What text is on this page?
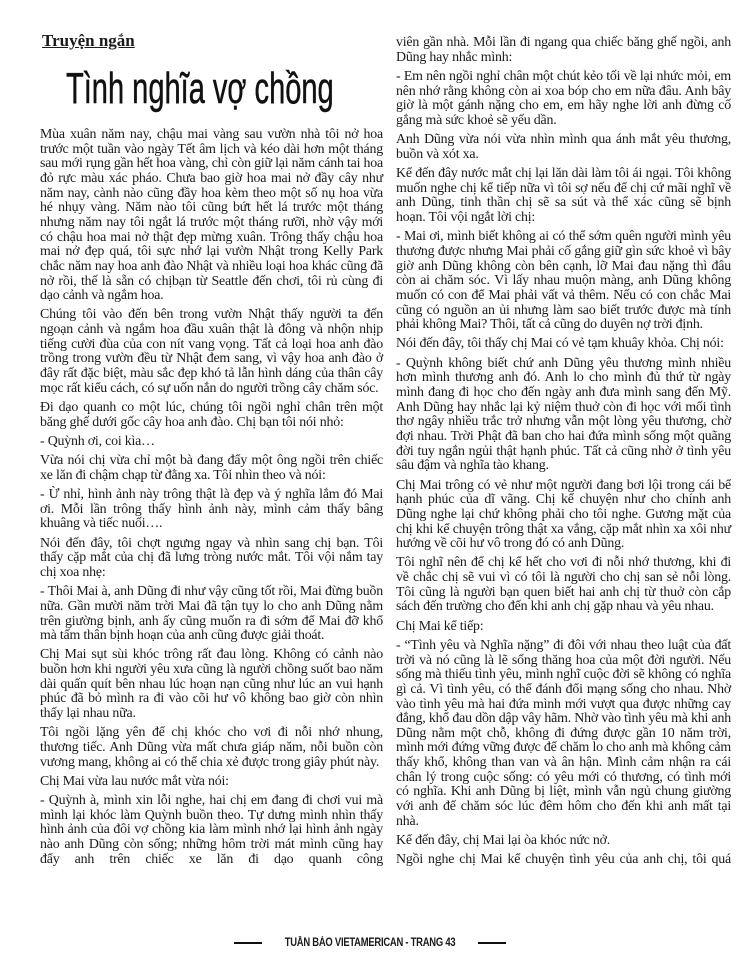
Truyện ngắn
Tình nghĩa vợ chồng

Mùa xuân năm nay, chậu mai vàng sau vườn nhà tôi nở hoa trước một tuần vào ngày Tết âm lịch và kéo dài hơn một tháng sau mới rụng gần hết hoa vàng, chỉ còn giữ lại năm cánh tai hoa đỏ rực màu xác pháo. Chưa bao giờ hoa mai nở đầy cây như năm nay, cành nào cũng đầy hoa kèm theo một số nụ hoa vừa hé nhụy vàng. Năm nào tôi cũng bứt hết lá trước một tháng nhưng năm nay tôi ngắt lá trước một tháng rưỡi, nhờ vậy mới có chậu hoa mai nở thật đẹp mừng xuân. Trông thấy chậu hoa mai nở đẹp quá, tôi sực nhớ lại vườn Nhật trong Kelly Park chắc năm nay hoa anh đào Nhật và nhiều loại hoa khác cũng đã nở rồi, thế là sẵn có chịbạn từ Seattle đến chơi, tôi rủ cùng đi dạo cảnh và ngắm hoa.

Chúng tôi vào đến bên trong vườn Nhật thấy người ta đến ngoạn cảnh và ngắm hoa đầu xuân thật là đông và nhộn nhịp tiếng cười đùa của con nít vang vọng. Tất cả loại hoa anh đào trồng trong vườn đều từ Nhật đem sang, vì vậy hoa anh đào ở đây rất đặc biệt, màu sắc đẹp khó tả lẫn hình dáng của thân cây mọc rất kiểu cách, có sự uốn nắn do người trồng cây chăm sóc.

Đi dạo quanh co một lúc, chúng tôi ngồi nghỉ chân trên một băng ghế dưới gốc cây hoa anh đào. Chị bạn tôi nói nhỏ:

- Quỳnh ơi, coi kìa…

Vừa nói chị vừa chỉ một bà đang đẩy một ông ngồi trên chiếc xe lăn đi chậm chạp từ đằng xa. Tôi nhìn theo và nói:

- Ừ nhỉ, hình ảnh này trông thật là đẹp và ý nghĩa lắm đó Mai ơi. Mỗi lần trông thấy hình ảnh này, mình cảm thấy bâng khuâng và tiếc nuối….

Nói đến đây, tôi chợt ngưng ngay và nhìn sang chị bạn. Tôi thấy cặp mắt của chị đã lưng tròng nước mắt. Tôi vội nắm tay chị xoa nhẹ:

- Thôi Mai à, anh Dũng đi như vậy cũng tốt rồi, Mai đừng buồn nữa. Gần mười năm trời Mai đã tận tụy lo cho anh Dũng nằm trên giường bịnh, anh ấy cũng muốn ra đi sớm để Mai đỡ khổ mà tấm thân bịnh hoạn của anh cũng được giải thoát.

Chị Mai sụt sùi khóc trông rất đau lòng. Không có cảnh nào buồn hơn khi người yêu xưa cũng là người chồng suốt bao năm dài quấn quít bên nhau lúc hoạn nạn cũng như lúc an vui hạnh phúc đã bỏ mình ra đi vào cõi hư vô không bao giờ còn nhìn thấy lại nhau nữa.

Tôi ngồi lặng yên để chị khóc cho vơi đi nỗi nhớ nhung, thương tiếc. Anh Dũng vừa mất chưa giáp năm, nỗi buồn còn vương mang, không ai có thể chia xẻ được trong giây phút này.

Chị Mai vừa lau nước mắt vừa nói:

- Quỳnh à, mình xin lỗi nghe, hai chị em đang đi chơi vui mà mình lại khóc làm Quỳnh buồn theo. Tự dưng mình nhìn thấy hình ảnh của đôi vợ chồng kia làm mình nhớ lại hình ảnh ngày nào anh Dũng còn sống; những hôm trời mát mình cũng hay đẩy anh trên chiếc xe lăn đi dạo quanh công

viên gần nhà. Mỗi lần đi ngang qua chiếc băng ghế ngồi, anh Dũng hay nhắc mình:

- Em nên ngồi nghỉ chân một chút kẻo tối về lại nhức mỏi, em nên nhớ rằng không còn ai xoa bóp cho em nữa đâu. Anh bây giờ là một gánh nặng cho em, em hãy nghe lời anh đừng cố gắng mà sức khoẻ sẽ yếu dần.

Anh Dũng vừa nói vừa nhìn mình qua ánh mắt yêu thương, buồn và xót xa.

Kể đến đây nước mắt chị lại lăn dài làm tôi ái ngại. Tôi không muốn nghe chị kể tiếp nữa vì tôi sợ nếu để chị cứ mãi nghĩ về anh Dũng, tinh thần chị sẽ sa sút và thể xác cũng sẽ bịnh hoạn. Tôi vội ngắt lời chị:

- Mai ơi, mình biết không ai có thể sớm quên người mình yêu thương được nhưng Mai phải cố gắng giữ gìn sức khoẻ vì bây giờ anh Dũng không còn bên cạnh, lỡ Mai đau nặng thì đâu còn ai chăm sóc. Vì lấy nhau muộn màng, anh Dũng không muốn có con để Mai phải vất vả thêm. Nếu có con chắc Mai cũng có nguồn an ủi nhưng làm sao biết trước được mà tính phải không Mai? Thôi, tất cả cũng do duyên nợ trời định.

Nói đến đây, tôi thấy chị Mai có vẻ tạm khuây khỏa. Chị nói:

- Quỳnh không biết chứ anh Dũng yêu thương mình nhiều hơn mình thương anh đó. Anh lo cho mình đủ thứ từ ngày mình đang đi học cho đến ngày anh đưa mình sang đến Mỹ. Anh Dũng hay nhắc lại kỷ niệm thuở còn đi học với mối tình thơ ngây nhiều trắc trở nhưng vẫn một lòng yêu thương, chờ đợi nhau. Trời Phật đã ban cho hai đứa mình sống một quãng đời tuy ngắn ngủi thật hạnh phúc. Tất cả cũng nhờ ở tình yêu sâu đậm và nghĩa tào khang.

Chị Mai trông có vẻ như một người đang bơi lội trong cái bể hạnh phúc của dĩ vãng. Chị kể chuyện như cho chính anh Dũng nghe lại chứ không phải cho tôi nghe. Gương mặt của chị khi kể chuyện trông thật xa vắng, cặp mắt nhìn xa xôi như hướng về cõi hư vô trong đó có anh Dũng.

Tôi nghĩ nên để chị kể hết cho vơi đi nỗi nhớ thương, khi đi về chắc chị sẽ vui vì có tôi là người cho chị san sẻ nỗi lòng. Tôi cũng là người bạn quen biết hai anh chị từ thuở còn cắp sách đến trường cho đến khi anh chị gặp nhau và yêu nhau.

Chị Mai kể tiếp:

- “Tình yêu và Nghĩa nặng” đi đôi với nhau theo luật của đất trời và nó cũng là lẽ sống thăng hoa của một đời người. Nếu sống mà thiếu tình yêu, mình nghĩ cuộc đời sẽ không có nghĩa gì cả. Vì tình yêu, có thể đánh đổi mạng sống cho nhau. Nhờ vào tình yêu mà hai đứa mình mới vượt qua được những cay đắng, khổ đau dồn dập vây hãm. Nhờ vào tình yêu mà khi anh Dũng nằm một chỗ, không đi đứng được gần 10 năm trời, mình mới đứng vững được để chăm lo cho anh mà không cảm thấy khổ, không than van và ân hận. Mình cảm nhận ra cái chân lý trong cuộc sống: có yêu mới có thương, có tình mới có nghĩa. Khi anh Dũng bị liệt, mình vẫn ngủ chung giường với anh để chăm sóc lúc đêm hôm cho đến khi anh mất tại nhà.

Kể đến đây, chị Mai lại òa khóc nức nở.

Ngồi nghe chị Mai kể chuyện tình yêu của anh chị, tôi quá

TUẦN BÁO VIETAMERICAN - TRANG 43
